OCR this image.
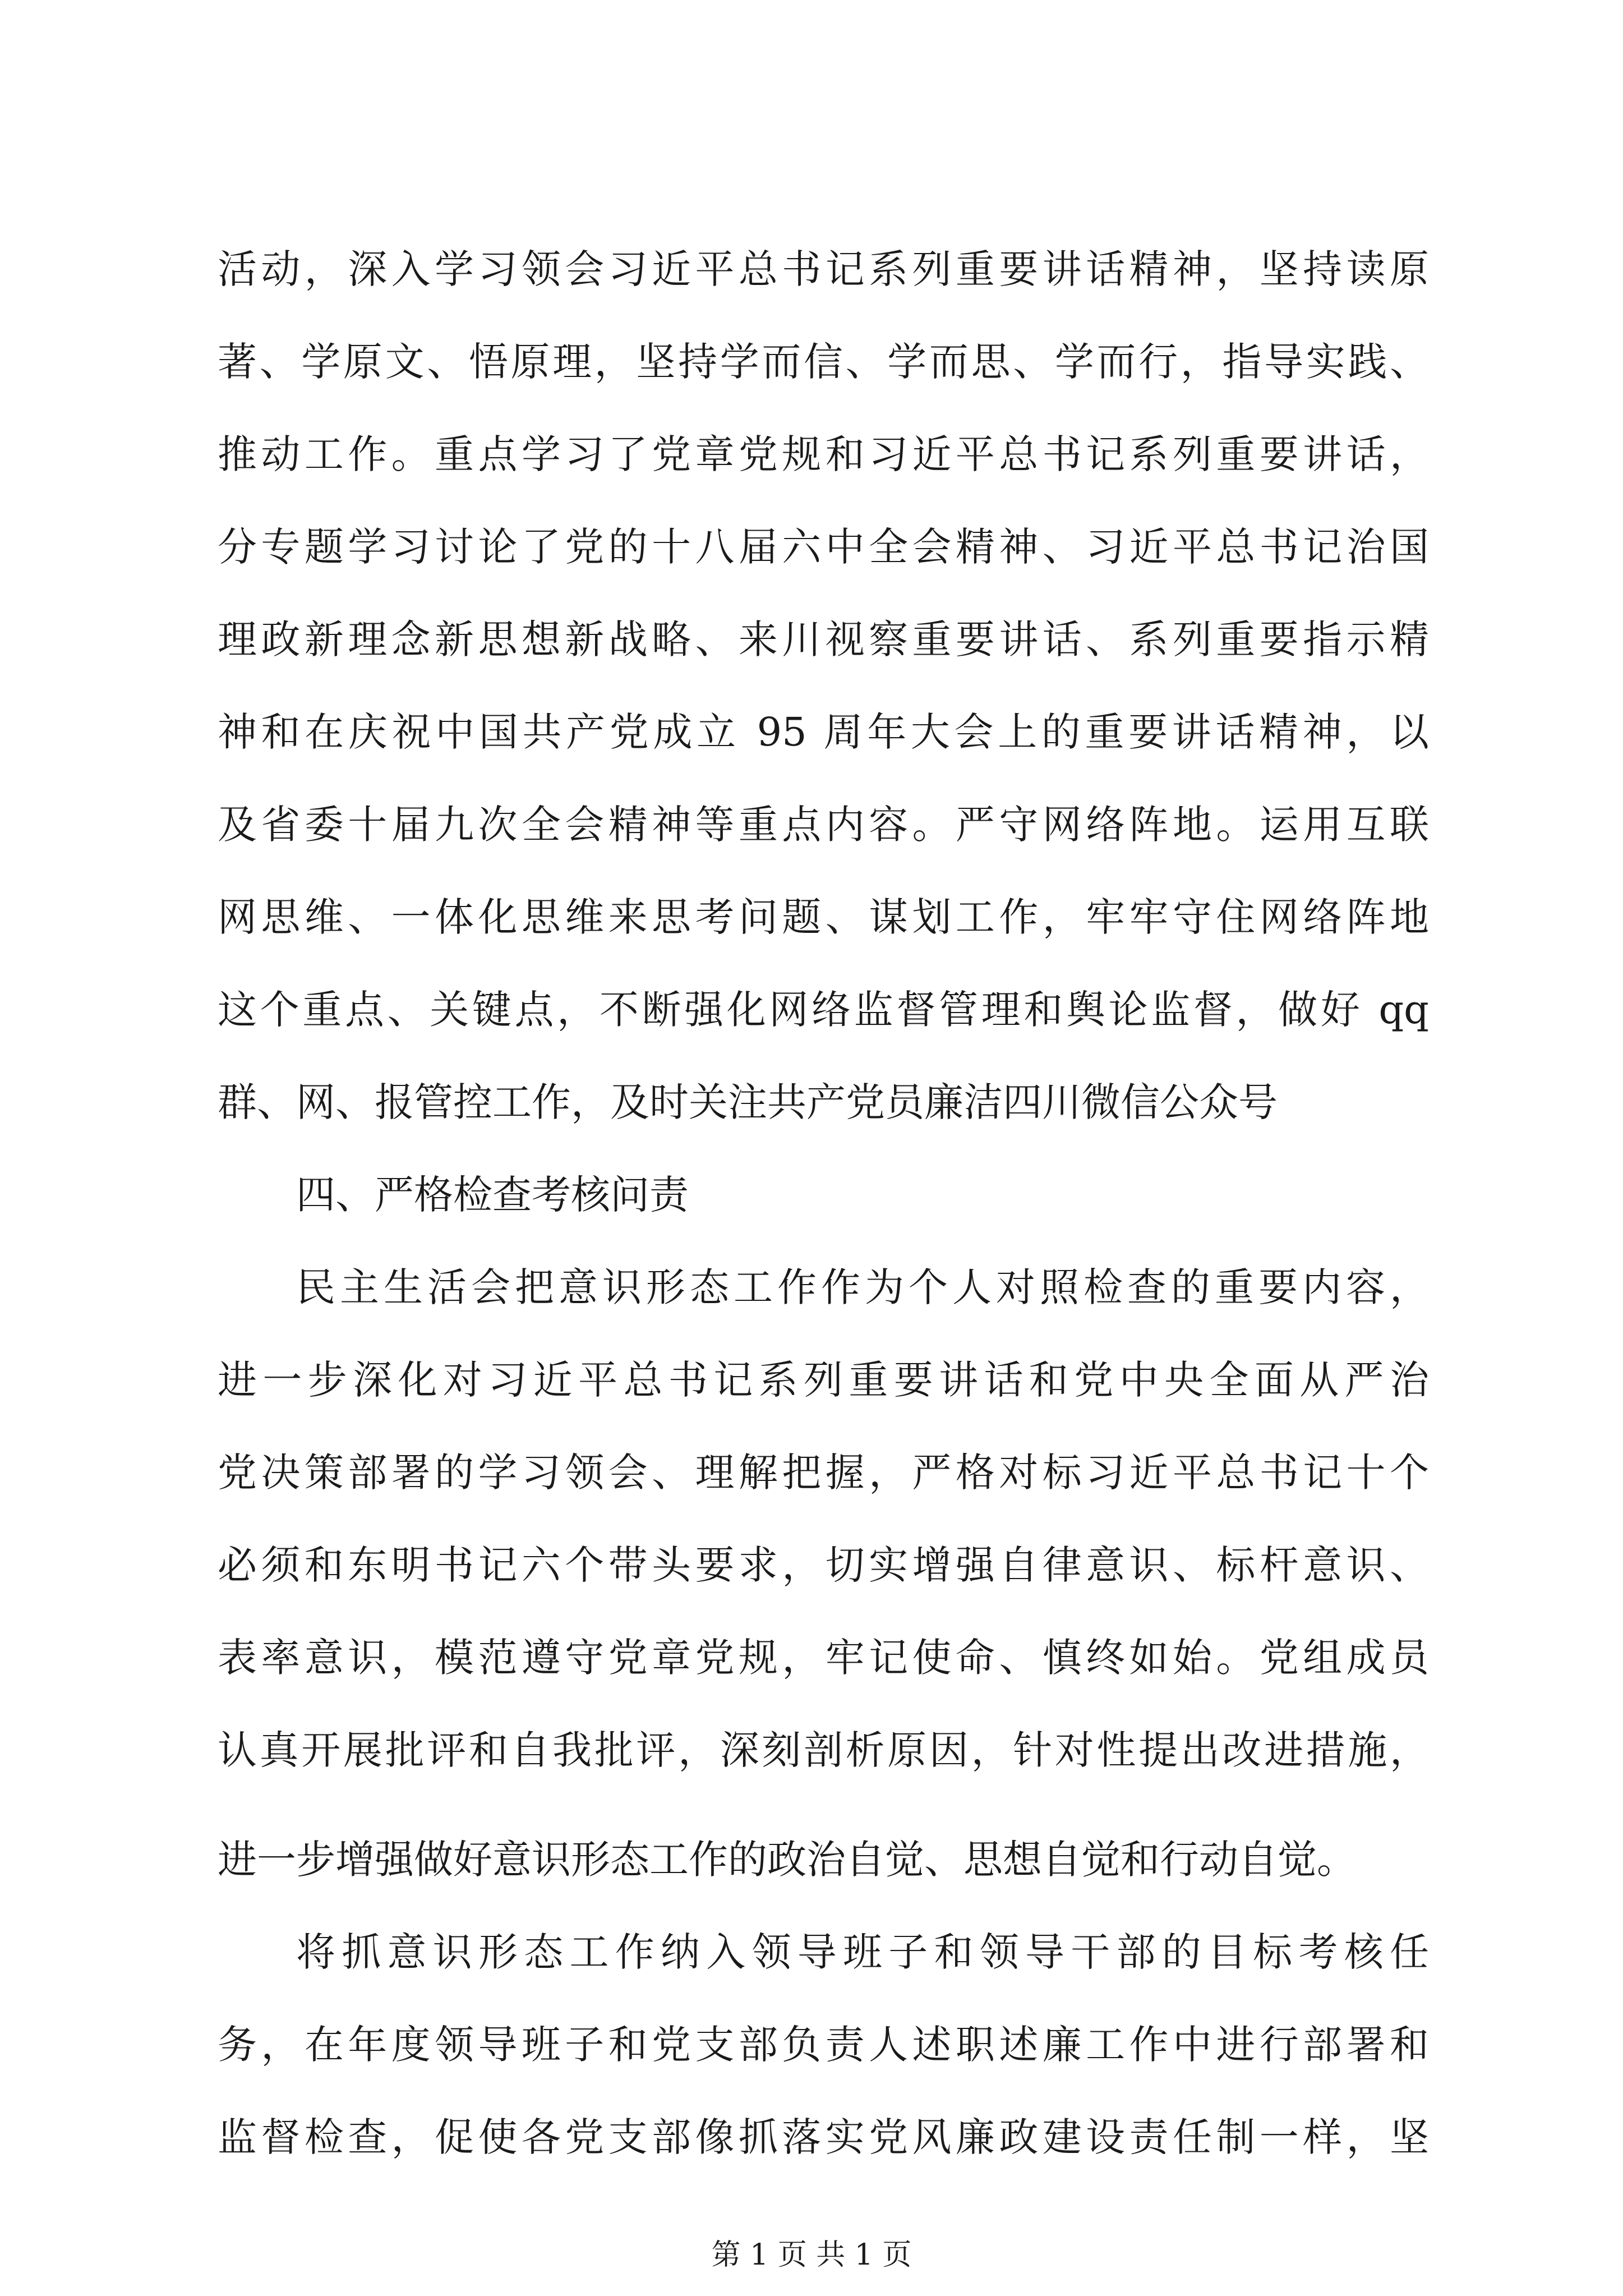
活动，深入学习领会习近平总书记系列重要讲话精神，坚持读原
著、学原文、悟原理，坚持学而信、学而思、学而行，指导实践、
推动工作。重点学习了党章党规和习近平总书记系列重要讲话，
分专题学习讨论了党的十八届六中全会精神、习近平总书记治国
理政新理念新思想新战略、来川视察重要讲话、系列重要指示精
神和在庆祝中国共产党成立 95 周年大会上的重要讲话精神，以
及省委十届九次全会精神等重点内容。严守网络阵地。运用互联
网思维、一体化思维来思考问题、谋划工作，牢牢守住网络阵地
这个重点、关键点，不断强化网络监督管理和舆论监督，做好 qq
群、网、报管控工作，及时关注共产党员廉洁四川微信公众号
四、严格检查考核问责
民主生活会把意识形态工作作为个人对照检查的重要内容，
进一步深化对习近平总书记系列重要讲话和党中央全面从严治
党决策部署的学习领会、理解把握，严格对标习近平总书记十个
必须和东明书记六个带头要求，切实增强自律意识、标杆意识、
表率意识，模范遵守党章党规，牢记使命、慎终如始。党组成员
认真开展批评和自我批评，深刻剖析原因，针对性提出改进措施，
进一步增强做好意识形态工作的政治自觉、思想自觉和行动自觉。
将抓意识形态工作纳入领导班子和领导干部的目标考核任
务，在年度领导班子和党支部负责人述职述廉工作中进行部署和
监督检查，促使各党支部像抓落实党风廉政建设责任制一样，坚
第 1 页 共 1 页
